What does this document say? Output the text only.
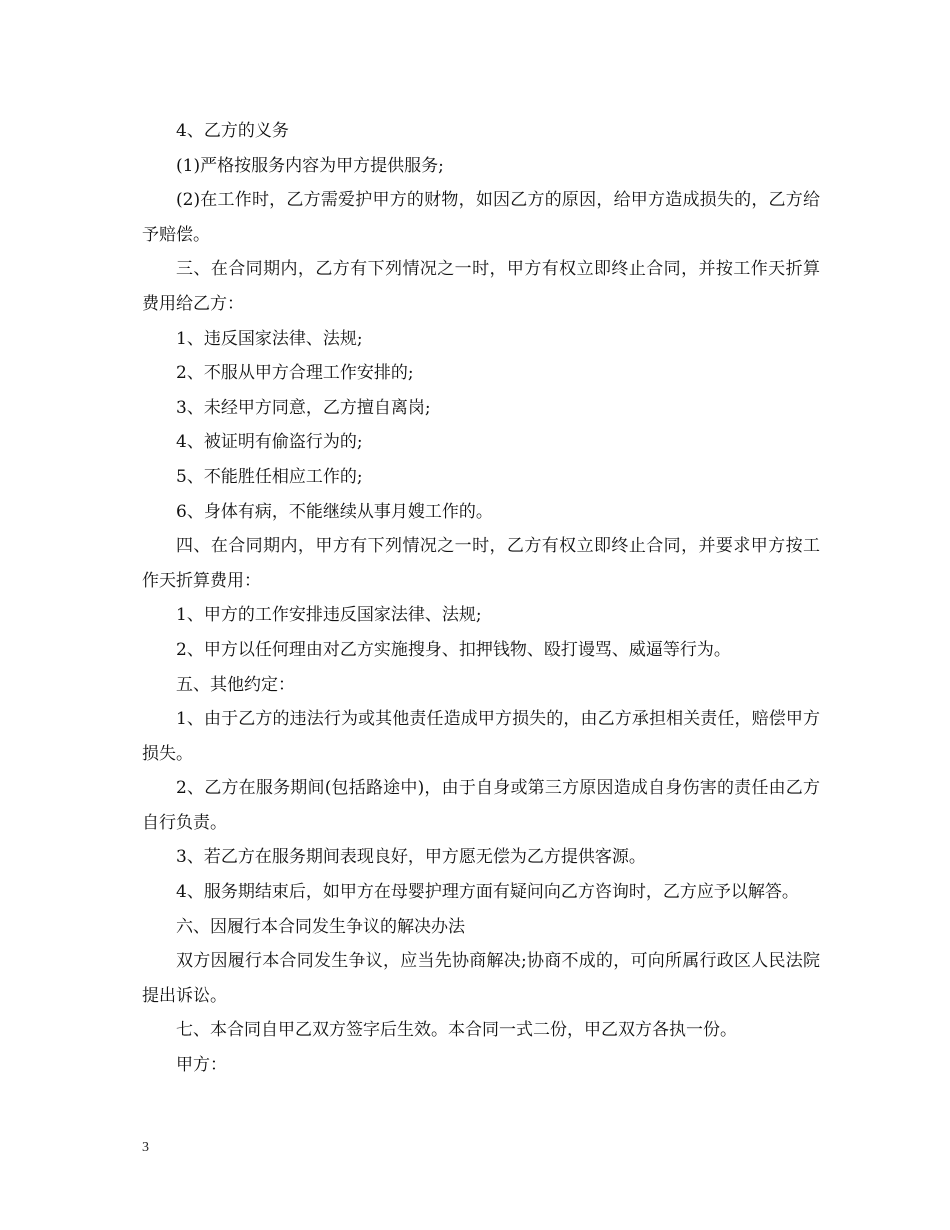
4、乙方的义务

(1)严格按服务内容为甲方提供服务;

(2)在工作时，乙方需爱护甲方的财物，如因乙方的原因，给甲方造成损失的，乙方给予赔偿。

三、在合同期内，乙方有下列情况之一时，甲方有权立即终止合同，并按工作天折算费用给乙方：

1、违反国家法律、法规;

2、不服从甲方合理工作安排的;

3、未经甲方同意，乙方擅自离岗;

4、被证明有偷盗行为的;

5、不能胜任相应工作的;

6、身体有病，不能继续从事月嫂工作的。

四、在合同期内，甲方有下列情况之一时，乙方有权立即终止合同，并要求甲方按工作天折算费用：

1、甲方的工作安排违反国家法律、法规;

2、甲方以任何理由对乙方实施搜身、扣押钱物、殴打谩骂、威逼等行为。

五、其他约定：

1、由于乙方的违法行为或其他责任造成甲方损失的，由乙方承担相关责任，赔偿甲方损失。

2、乙方在服务期间(包括路途中)，由于自身或第三方原因造成自身伤害的责任由乙方自行负责。

3、若乙方在服务期间表现良好，甲方愿无偿为乙方提供客源。

4、服务期结束后，如甲方在母婴护理方面有疑问向乙方咨询时，乙方应予以解答。

六、因履行本合同发生争议的解决办法

双方因履行本合同发生争议，应当先协商解决;协商不成的，可向所属行政区人民法院提出诉讼。

七、本合同自甲乙双方签字后生效。本合同一式二份，甲乙双方各执一份。

甲方：

3
